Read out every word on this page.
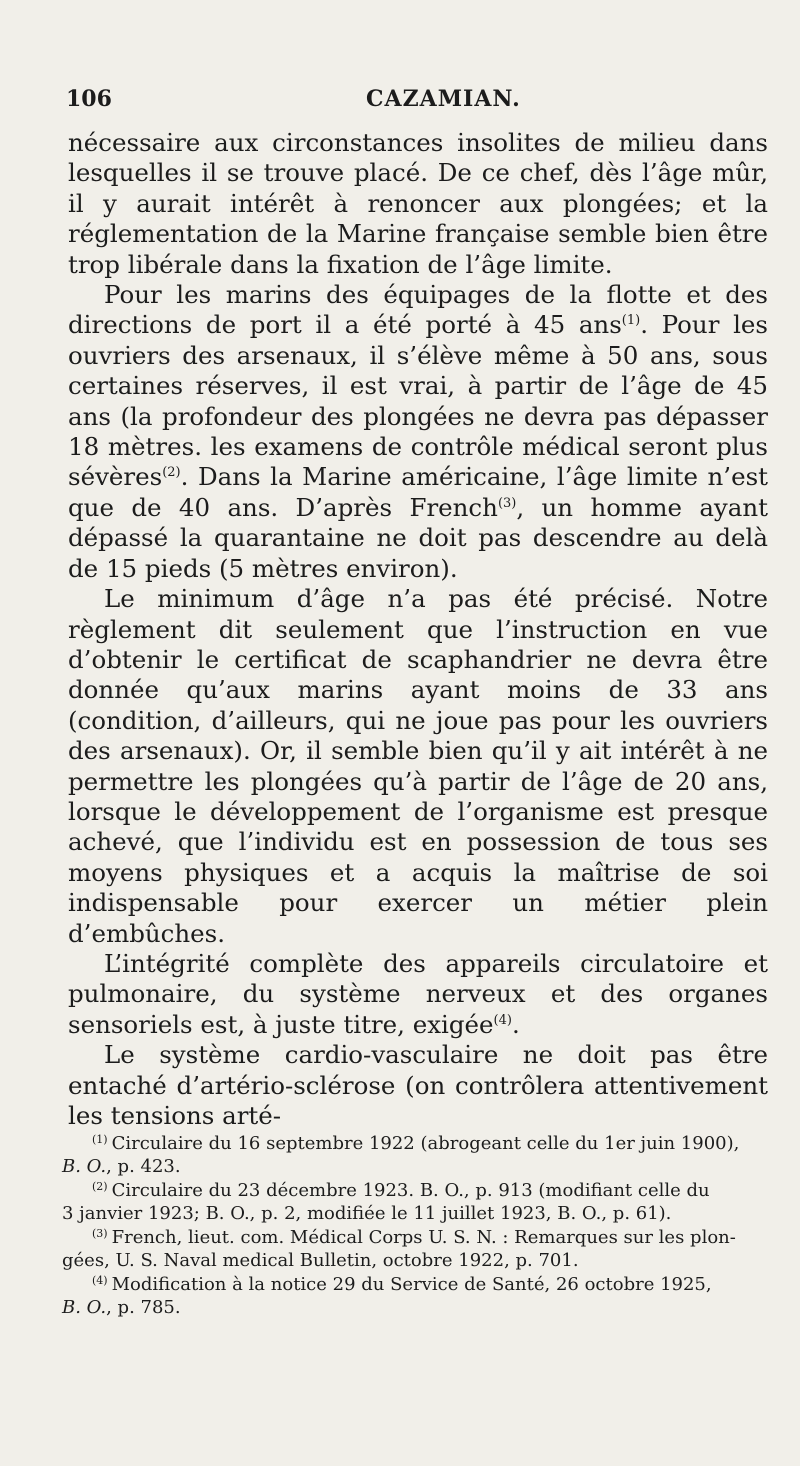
106	CAZAMIAN.

nécessaire aux circonstances insolites de milieu dans lesquelles il se trouve placé. De ce chef, dès l’âge mûr, il y aurait intérêt à renoncer aux plongées; et la réglementation de la Marine française semble bien être trop libérale dans la fixation de l’âge limite.

Pour les marins des équipages de la flotte et des directions de port il a été porté à 45 ans$^{(1)}$. Pour les ouvriers des arsenaux, il s’élève même à 50 ans, sous certaines réserves, il est vrai, à partir de l’âge de 45 ans (la profondeur des plongées ne devra pas dépasser 18 mètres. les examens de contrôle médical seront plus sévères$^{(2)}$. Dans la Marine américaine, l’âge limite n’est que de 40 ans. D’après French$^{(3)}$, un homme ayant dépassé la quarantaine ne doit pas descendre au delà de 15 pieds (5 mètres environ).

Le minimum d’âge n’a pas été précisé. Notre règlement dit seulement que l’instruction en vue d’obtenir le certificat de scaphandrier ne devra être donnée qu’aux marins ayant moins de 33 ans (condition, d’ailleurs, qui ne joue pas pour les ouvriers des arsenaux). Or, il semble bien qu’il y ait intérêt à ne permettre les plongées qu’à partir de l’âge de 20 ans, lorsque le développement de l’organisme est presque achevé, que l’individu est en possession de tous ses moyens physiques et a acquis la maîtrise de soi indispensable pour exercer un métier plein d’embûches.

L’intégrité complète des appareils circulatoire et pulmonaire, du système nerveux et des organes sensoriels est, à juste titre, exigée$^{(4)}$.

Le système cardio-vasculaire ne doit pas être entaché d’artério-sclérose (on contrôlera attentivement les tensions arté-

$^{(1)}$ Circulaire du 16 septembre 1922 (abrogeant celle du 1er juin 1900),
B. O., p. 423.
$^{(2)}$ Circulaire du 23 décembre 1923. B. O., p. 913 (modifiant celle du
3 janvier 1923; B. O., p. 2, modifiée le 11 juillet 1923, B. O., p. 61).
$^{(3)}$ French, lieut. com. Médical Corps U. S. N. : Remarques sur les plon-
gées, U. S. Naval medical Bulletin, octobre 1922, p. 701.
$^{(4)}$ Modification à la notice 29 du Service de Santé, 26 octobre 1925,
B. O., p. 785.
